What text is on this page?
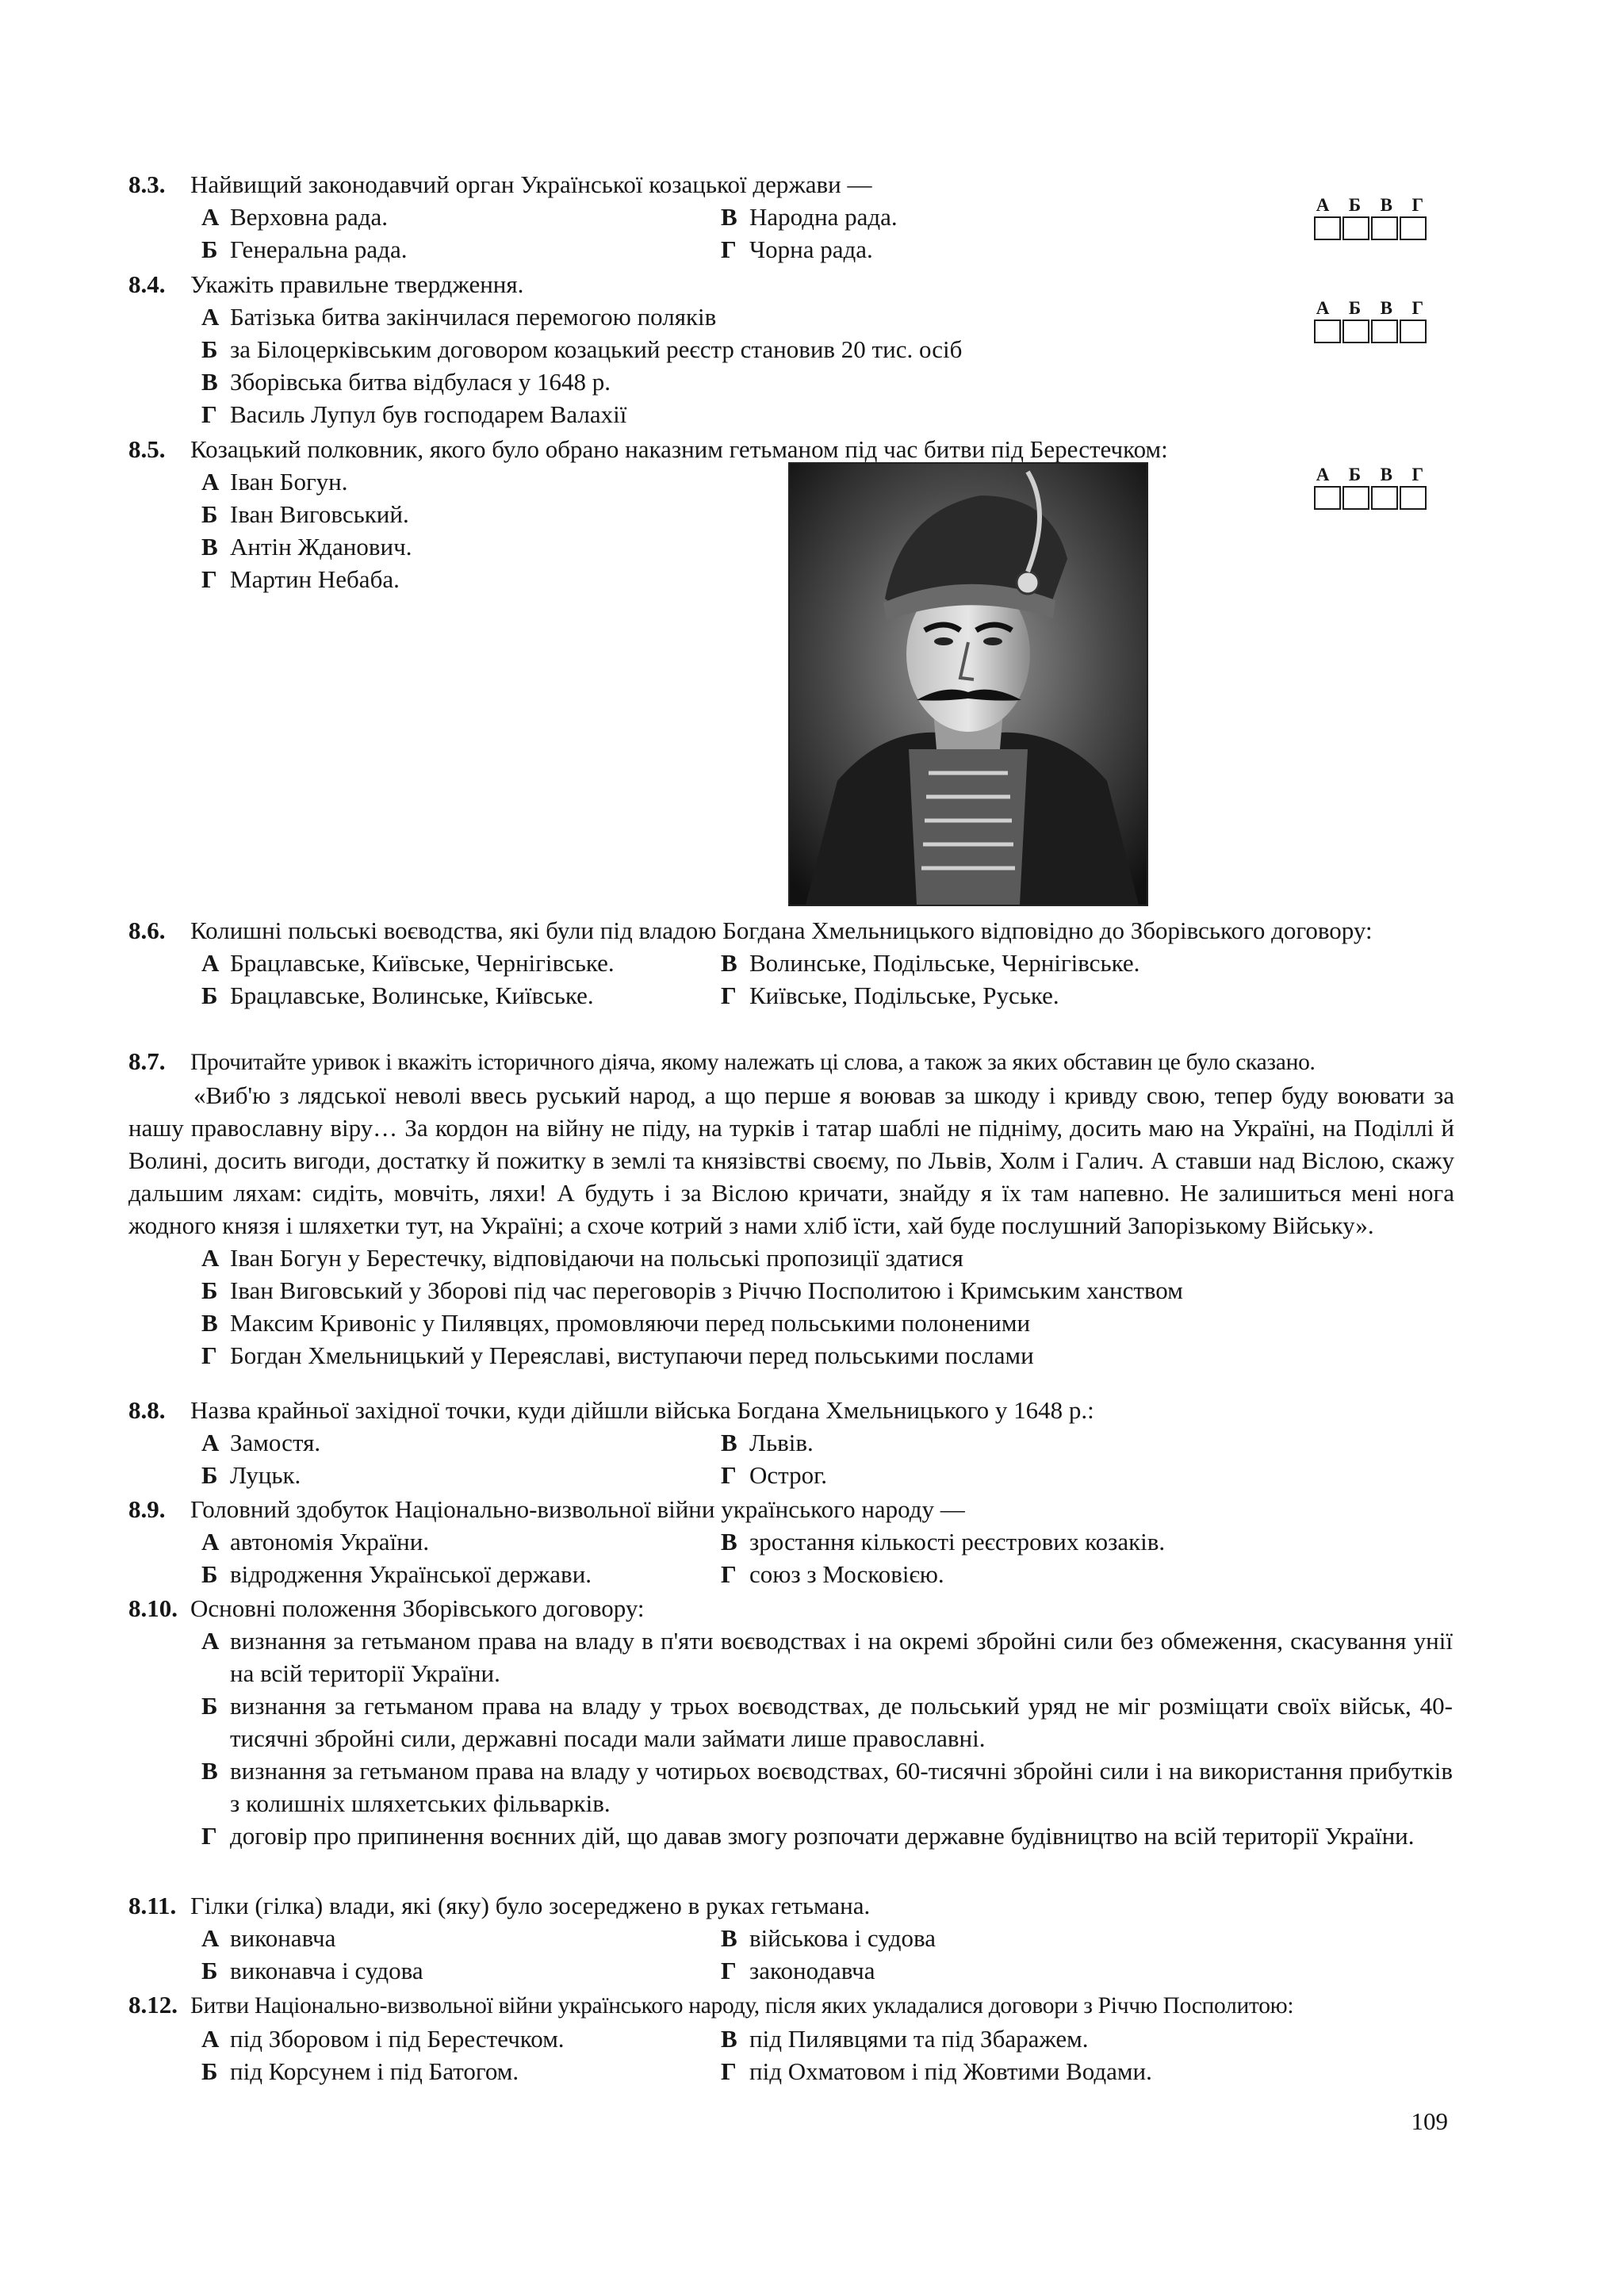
8.3.	Найвищий законодавчий орган Української козацької держави —
А Верховна рада.	В Народна рада.
Б Генеральна рада.	Г Чорна рада.
А Б В Г
8.4.	Укажіть правильне твердження.
А Батізька битва закінчилася перемогою поляків
Б за Білоцерківським договором козацький реєстр становив 20 тис. осіб
В Зборівська битва відбулася у 1648 р.
Г Василь Лупул був господарем Валахії
А Б В Г
8.5.	Козацький полковник, якого було обрано наказним гетьманом під час битви під Берестечком:
А Іван Богун.
Б Іван Виговський.
В Антін Жданович.
Г Мартин Небаба.
А Б В Г
8.6.	Колишні польські воєводства, які були під владою Богдана Хмельницького відповідно до Зборівського договору:
А Брацлавське, Київське, Чернігівське.	В Волинське, Подільське, Чернігівське.
Б Брацлавське, Волинське, Київське.	Г Київське, Подільське, Руське.
8.7.	Прочитайте уривок і вкажіть історичного діяча, якому належать ці слова, а також за яких обставин це було сказано.
«Виб'ю з лядської неволі ввесь руський народ, а що перше я воював за шкоду і кривду свою, тепер буду воювати за нашу православну віру… За кордон на війну не піду, на турків і татар шаблі не підніму, досить маю на Україні, на Поділлі й Волині, досить вигоди, достатку й пожитку в землі та князівстві своєму, по Львів, Холм і Галич. А ставши над Віслою, скажу дальшим ляхам: сидіть, мовчіть, ляхи! А будуть і за Віслою кричати, знайду я їх там напевно. Не залишиться мені нога жодного князя і шляхетки тут, на Україні; а схоче котрий з нами хліб їсти, хай буде послушний Запорізькому Війську».
А Іван Богун у Берестечку, відповідаючи на польські пропозиції здатися
Б Іван Виговський у Зборові під час переговорів з Річчю Посполитою і Кримським ханством
В Максим Кривоніс у Пилявцях, промовляючи перед польськими полоненими
Г Богдан Хмельницький у Переяславі, виступаючи перед польськими послами
8.8.	Назва крайньої західної точки, куди дійшли війська Богдана Хмельницького у 1648 р.:
А Замостя.	В Львів.
Б Луцьк.	Г Острог.
8.9.	Головний здобуток Національно-визвольної війни українського народу —
А автономія України.	В зростання кількості реєстрових козаків.
Б відродження Української держави.	Г союз з Московією.
8.10. Основні положення Зборівського договору:
А визнання за гетьманом права на владу в п'яти воєводствах і на окремі збройні сили без обмеження, скасування унії на всій території України.
Б визнання за гетьманом права на владу у трьох воєводствах, де польський уряд не міг розміщати своїх військ, 40-тисячні збройні сили, державні посади мали займати лише православні.
В визнання за гетьманом права на владу у чотирьох воєводствах, 60-тисячні збройні сили і на використання прибутків з колишніх шляхетських фільварків.
Г договір про припинення воєнних дій, що давав змогу розпочати державне будівництво на всій території України.
8.11. Гілки (гілка) влади, які (яку) було зосереджено в руках гетьмана.
А виконавча	В військова і судова
Б виконавча і судова	Г законодавча
8.12. Битви Національно-визвольної війни українського народу, після яких укладалися договори з Річчю Посполитою:
А під Зборовом і під Берестечком.	В під Пилявцями та під Збаражем.
Б під Корсунем і під Батогом.	Г під Охматовом і під Жовтими Водами.
109
